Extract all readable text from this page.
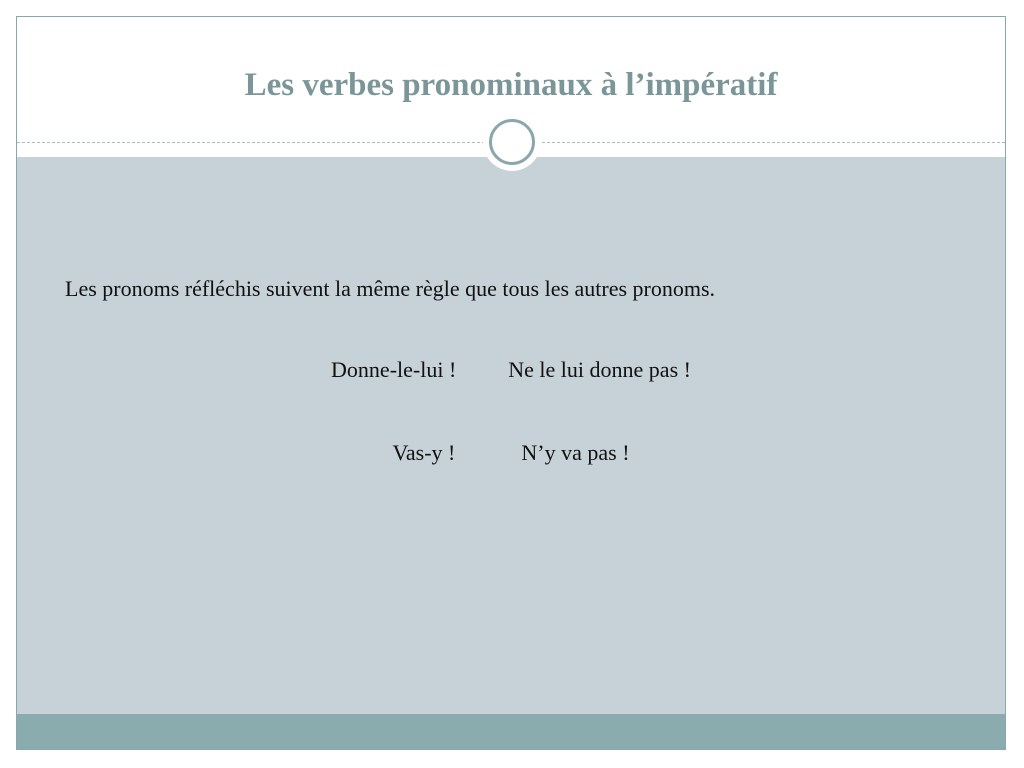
Les verbes pronominaux à l’impératif
Les pronoms réfléchis suivent la même règle que tous les autres pronoms.
Donne-le-lui ! Ne le lui donne pas !
Vas-y !	N’y va pas !
